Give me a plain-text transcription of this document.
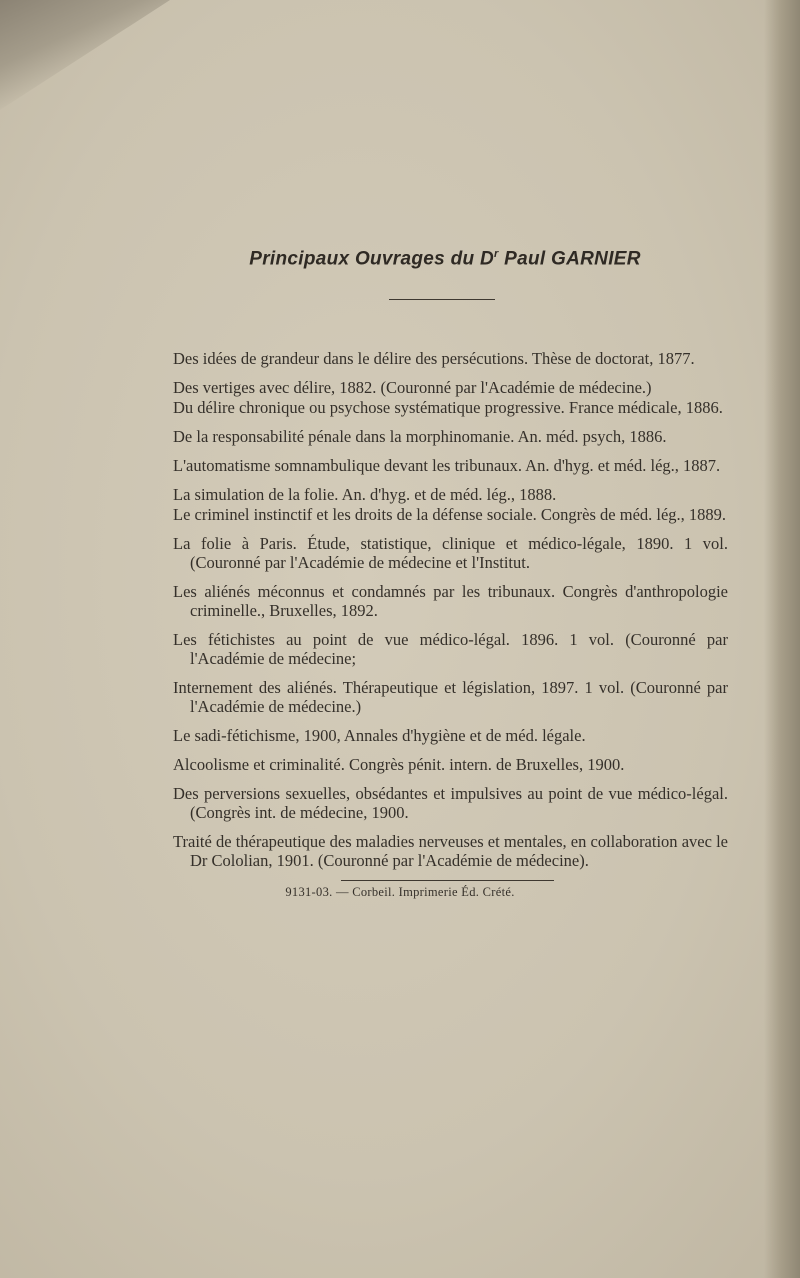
Principaux Ouvrages du $D^r$ Paul GARNIER

Des idées de grandeur dans le délire des persécutions. Thèse de doctorat, 1877.

Des vertiges avec délire, 1882. (Couronné par l'Académie de médecine.)

Du délire chronique ou psychose systématique progressive. France médicale, 1886.

De la responsabilité pénale dans la morphinomanie. An. méd. psych, 1886.

L'automatisme somnambulique devant les tribunaux. An. d'hyg. et méd. lég., 1887.

La simulation de la folie. An. d'hyg. et de méd. lég., 1888.

Le criminel instinctif et les droits de la défense sociale. Congrès de méd. lég., 1889.

La folie à Paris. Étude, statistique, clinique et médico-légale, 1890. 1 vol. (Couronné par l'Académie de médecine et l'Institut.

Les aliénés méconnus et condamnés par les tribunaux. Congrès d'anthropologie criminelle., Bruxelles, 1892.

Les fétichistes au point de vue médico-légal. 1896. 1 vol. (Couronné par l'Académie de médecine;

Internement des aliénés. Thérapeutique et législation, 1897. 1 vol. (Couronné par l'Académie de médecine.)

Le sadi-fétichisme, 1900, Annales d'hygiène et de méd. légale.

Alcoolisme et criminalité. Congrès pénit. intern. de Bruxelles, 1900.

Des perversions sexuelles, obsédantes et impulsives au point de vue médico-légal. (Congrès int. de médecine, 1900.

Traité de thérapeutique des maladies nerveuses et mentales, en collaboration avec le Dr Cololian, 1901. (Couronné par l'Académie de médecine).

9131-03. — Corbeil. Imprimerie Éd. Crété.
